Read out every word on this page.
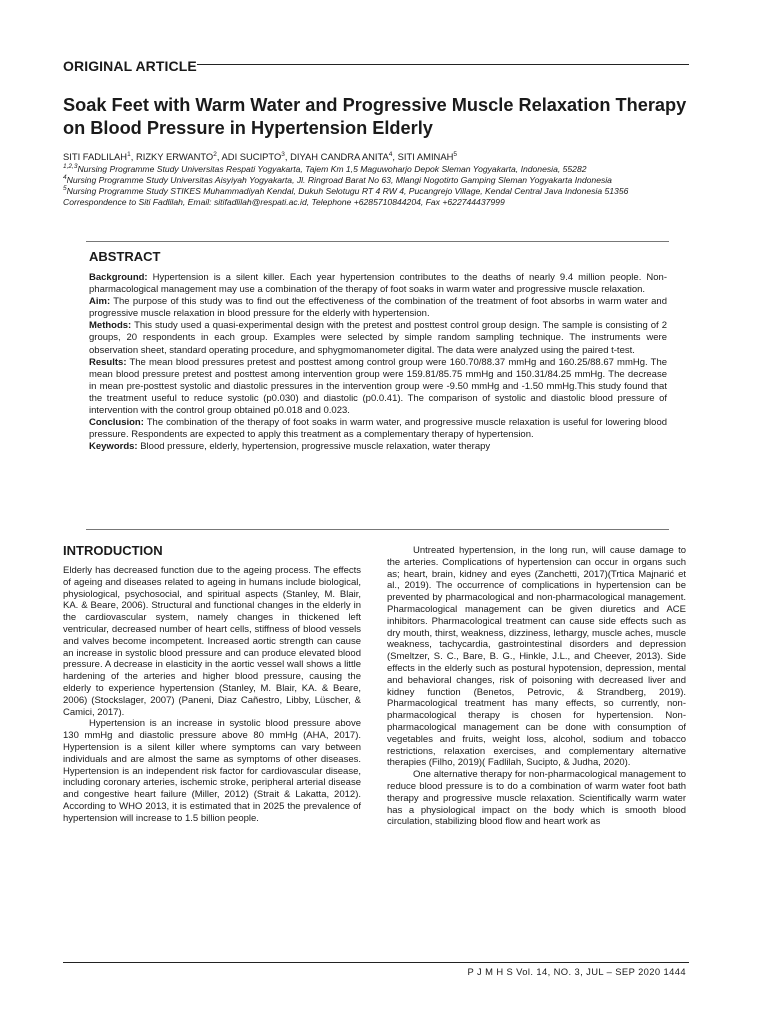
ORIGINAL ARTICLE
Soak Feet with Warm Water and Progressive Muscle Relaxation Therapy on Blood Pressure in Hypertension Elderly
SITI FADLILAH$^1$, RIZKY ERWANTO$^2$, ADI SUCIPTO$^3$, DIYAH CANDRA ANITA$^4$, SITI AMINAH$^5$

$^{1,2,3}$Nursing Programme Study Universitas Respati Yogyakarta, Tajem Km 1,5 Maguwoharjo Depok Sleman Yogyakarta, Indonesia, 55282

$^4$Nursing Programme Study Universitas Aisyiyah Yogyakarta, Jl. Ringroad Barat No 63, Mlangi Nogotirto Gamping Sleman Yogyakarta Indonesia

$^5$Nursing Programme Study STIKES Muhammadiyah Kendal, Dukuh Selotugu RT 4 RW 4, Pucangrejo Village, Kendal Central Java Indonesia 51356

Correspondence to Siti Fadlilah, Email: sitifadlilah@respati.ac.id, Telephone +6285710844204, Fax +622744437999

ABSTRACT

Background: Hypertension is a silent killer. Each year hypertension contributes to the deaths of nearly 9.4 million people. Non-pharmacological management may use a combination of the therapy of foot soaks in warm water and progressive muscle relaxation.

Aim: The purpose of this study was to find out the effectiveness of the combination of the treatment of foot absorbs in warm water and progressive muscle relaxation in blood pressure for the elderly with hypertension.

Methods: This study used a quasi-experimental design with the pretest and posttest control group design. The sample is consisting of 2 groups, 20 respondents in each group. Examples were selected by simple random sampling technique. The instruments were observation sheet, standard operating procedure, and sphygmomanometer digital. The data were analyzed using the paired t-test.

Results: The mean blood pressures pretest and posttest among control group were 160.70/88.37 mmHg and 160.25/88.67 mmHg. The mean blood pressure pretest and posttest among intervention group were 159.81/85.75 mmHg and 150.31/84.25 mmHg. The decrease in mean pre-posttest systolic and diastolic pressures in the intervention group were -9.50 mmHg and -1.50 mmHg.This study found that the treatment useful to reduce systolic (p0.030) and diastolic (p0.0.41). The comparison of systolic and diastolic blood pressure of intervention with the control group obtained p0.018 and 0.023.

Conclusion: The combination of the therapy of foot soaks in warm water, and progressive muscle relaxation is useful for lowering blood pressure. Respondents are expected to apply this treatment as a complementary therapy of hypertension.

Keywords: Blood pressure, elderly, hypertension, progressive muscle relaxation, water therapy

INTRODUCTION

Elderly has decreased function due to the ageing process. The effects of ageing and diseases related to ageing in humans include biological, physiological, psychosocial, and spiritual aspects (Stanley, M. Blair, KA. & Beare, 2006). Structural and functional changes in the elderly in the cardiovascular system, namely changes in thickened left ventricular, decreased number of heart cells, stiffness of blood vessels and valves become incompetent. Increased aortic strength can cause an increase in systolic blood pressure and can produce elevated blood pressure. A decrease in elasticity in the aortic vessel wall shows a little hardening of the arteries and higher blood pressure, causing the elderly to experience hypertension (Stanley, M. Blair, KA. & Beare, 2006) (Stockslager, 2007) (Paneni, Diaz Cañestro, Libby, Lüscher, & Camici, 2017).

Hypertension is an increase in systolic blood pressure above 130 mmHg and diastolic pressure above 80 mmHg (AHA, 2017). Hypertension is a silent killer where symptoms can vary between individuals and are almost the same as symptoms of other diseases. Hypertension is an independent risk factor for cardiovascular disease, including coronary arteries, ischemic stroke, peripheral arterial disease and congestive heart failure (Miller, 2012) (Strait & Lakatta, 2012). According to WHO 2013, it is estimated that in 2025 the prevalence of hypertension will increase to 1.5 billion people.

Untreated hypertension, in the long run, will cause damage to the arteries. Complications of hypertension can occur in organs such as; heart, brain, kidney and eyes (Zanchetti, 2017)(Trtica Majnarić et al., 2019). The occurrence of complications in hypertension can be prevented by pharmacological and non-pharmacological management. Pharmacological management can be given diuretics and ACE inhibitors. Pharmacological treatment can cause side effects such as dry mouth, thirst, weakness, dizziness, lethargy, muscle aches, muscle weakness, tachycardia, gastrointestinal disorders and depression (Smeltzer, S. C., Bare, B. G., Hinkle, J.L., and Cheever, 2013). Side effects in the elderly such as postural hypotension, depression, mental and behavioral changes, risk of poisoning with decreased liver and kidney function (Benetos, Petrovic, & Strandberg, 2019). Pharmacological treatment has many effects, so currently, non-pharmacological therapy is chosen for hypertension. Non-pharmacological management can be done with consumption of vegetables and fruits, weight loss, alcohol, sodium and tobacco restrictions, relaxation exercises, and complementary alternative therapies (Filho, 2019)( Fadlilah, Sucipto, & Judha, 2020).

One alternative therapy for non-pharmacological management to reduce blood pressure is to do a combination of warm water foot bath therapy and progressive muscle relaxation. Scientifically warm water has a physiological impact on the body which is smooth blood circulation, stabilizing blood flow and heart work as

P J M H S Vol. 14, NO. 3, JUL – SEP 2020 1444
